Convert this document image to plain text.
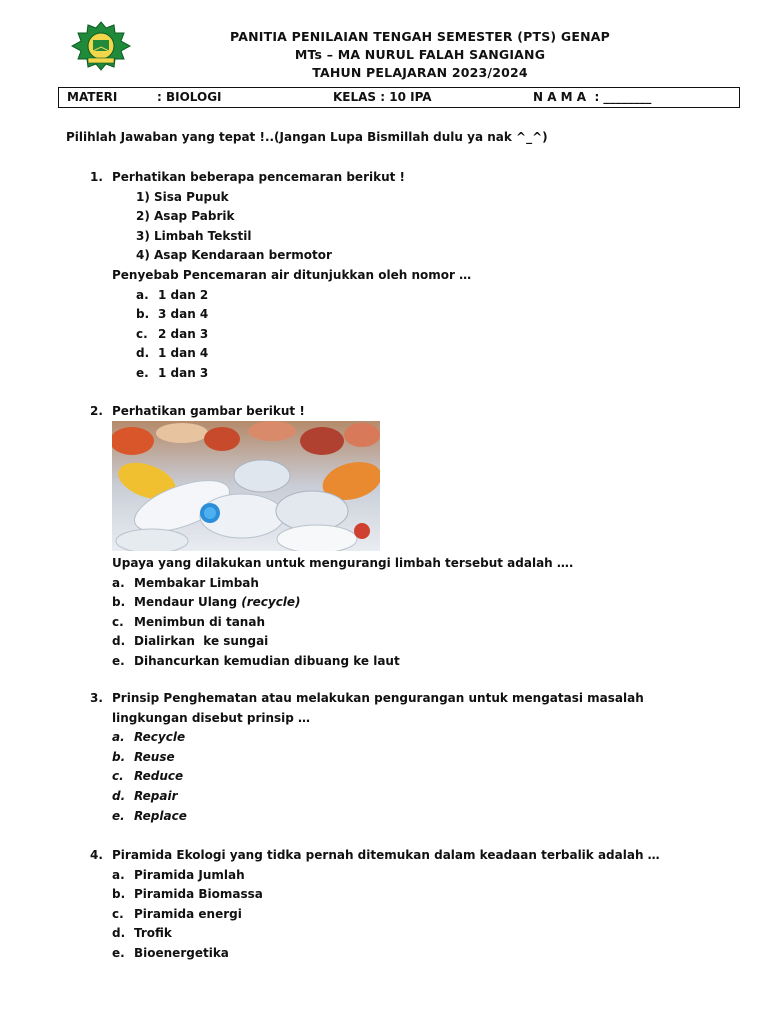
PANITIA PENILAIAN TENGAH SEMESTER (PTS) GENAP
MTs – MA NURUL FALAH SANGIANG
TAHUN PELAJARAN 2023/2024
MATERI	: BIOLOGI	KELAS : 10 IPA	N A M A  : ________
Pilihlah Jawaban yang tepat !..(Jangan Lupa Bismillah dulu ya nak ^_^)
1. Perhatikan beberapa pencemaran berikut !
1) Sisa Pupuk
2) Asap Pabrik
3) Limbah Tekstil
4) Asap Kendaraan bermotor
Penyebab Pencemaran air ditunjukkan oleh nomor …
a. 1 dan 2
b. 3 dan 4
c. 2 dan 3
d. 1 dan 4
e. 1 dan 3
2. Perhatikan gambar berikut !
Upaya yang dilakukan untuk mengurangi limbah tersebut adalah ….
a. Membakar Limbah
b. Mendaur Ulang (recycle)
c. Menimbun di tanah
d. Dialirkan  ke sungai
e. Dihancurkan kemudian dibuang ke laut
3. Prinsip Penghematan atau melakukan pengurangan untuk mengatasi masalah
lingkungan disebut prinsip …
a. Recycle
b. Reuse
c. Reduce
d. Repair
e. Replace
4. Piramida Ekologi yang tidka pernah ditemukan dalam keadaan terbalik adalah …
a. Piramida Jumlah
b. Piramida Biomassa
c. Piramida energi
d. Trofik
e. Bioenergetika
